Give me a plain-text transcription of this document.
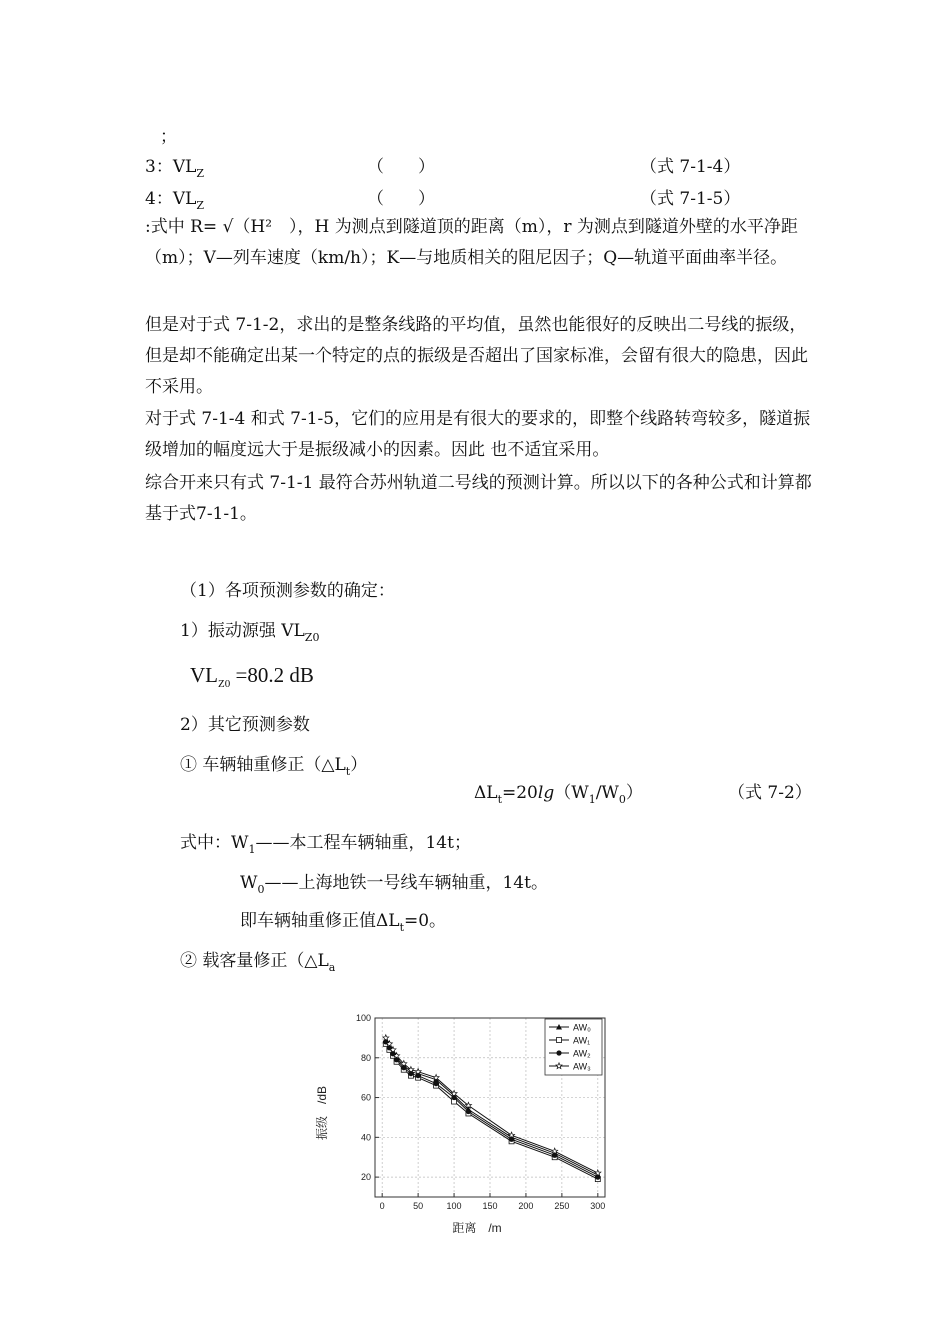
；
3：$VL_Z$	（　　）	（式 7-1-4）
4：$VL_Z$	（　　）	（式 7-1-5）
:式中 R= √（H²　），H 为测点到隧道顶的距离（m），r 为测点到隧道外壁的水平净距（m）；V—列车速度（km/h）；K—与地质相关的阻尼因子；Q—轨道平面曲率半径。
但是对于式 7-1-2，求出的是整条线路的平均值，虽然也能很好的反映出二号线的振级，但是却不能确定出某一个特定的点的振级是否超出了国家标准，会留有很大的隐患，因此不采用。
对于式 7-1-4 和式 7-1-5，它们的应用是有很大的要求的，即整个线路转弯较多，隧道振级增加的幅度远大于是振级减小的因素。因此 也不适宜采用。
综合开来只有式 7-1-1 最符合苏州轨道二号线的预测计算。所以以下的各种公式和计算都基于式7-1-1。
（1）各项预测参数的确定：
1）振动源强 $VL_{Z0}$
$VL_{Z0} =80.2$ dB
2）其它预测参数
① 车辆轴重修正$(\triangle L_t)$
$\Delta L_t=20\lg(W_1/W_0)$	（式 7-2）
式中：$W_1——$本工程车辆轴重，14t；
$W_0——$上海地铁一号线车辆轴重，14t。
即车辆轴重修正值$\Delta L_t=0$。
② 载客量修正（$\triangle L_a$
0	50	100 150 200 250 300
20
40
60
80
100
AW₀
AW₁
AW₂
AW₃
距离　/m
振级　/dB
